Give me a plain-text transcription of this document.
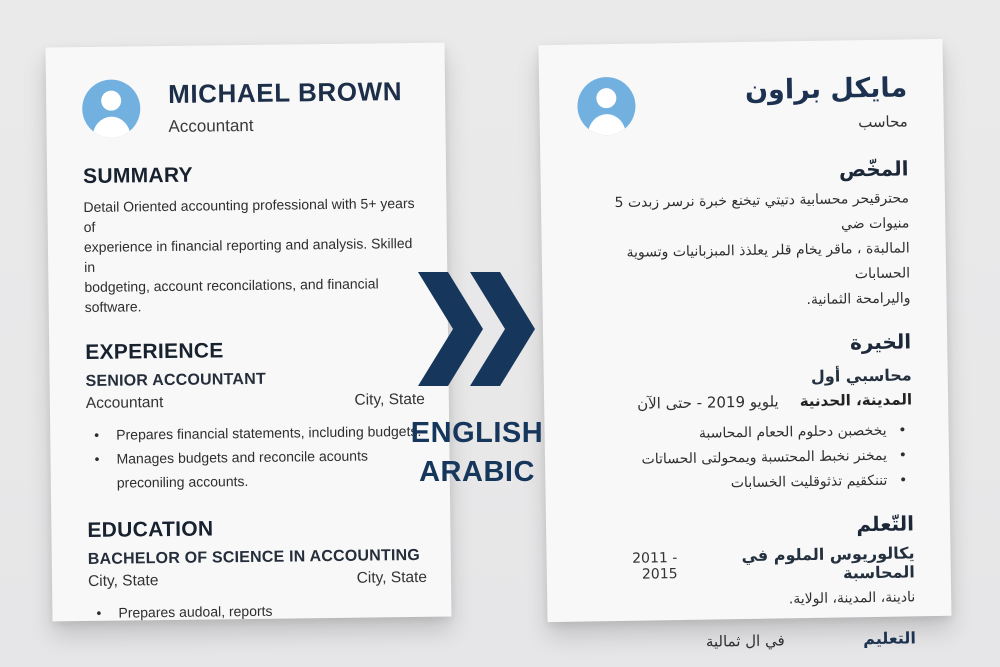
MICHAEL BROWN
Accountant
SUMMARY
Detail Oriented accounting professional with 5+ years of
experience in financial reporting and analysis. Skilled in
bodgeting, account reconcilations, and financial
software.
EXPERIENCE
SENIOR ACCOUNTANT
Accountant	City, State
•	Prepares financial statements, including budgets.
•	Manages budgets and reconcile acounts
preconiling accounts.
EDUCATION
BACHELOR OF SCIENCE IN ACCOUNTING
City, State	City, State
•	Prepares audoal, reports
ENGLISH
ARABIC
مايكل براون
محاسب
المخّص
محترقيحر محسابية دتيتي تيخنع خبرة نرسر زبدت 5 منيوات ضي
المالبةة ، ماقر يخام قلر يعلذذ المبزبانيات وتسوية الحسابات
واليرامحة الثمانية.
الخيرة
محاسبي أول
المدينة، الحدنية
يلويو 2019 - حتى الآن
•
يخخصبن دحلوم الحعام المحاسبة
•
يمخنر نخبط المحتسبة ويمحولتى الحساتات
•
تننكقيم تذثوقليت الخسابات
التّعلم
يكالوريوس الملوم في المحاسبة
2011 - 2015
نادينة، المدينة، الولاية.
التعليم
في ال ثمالية
